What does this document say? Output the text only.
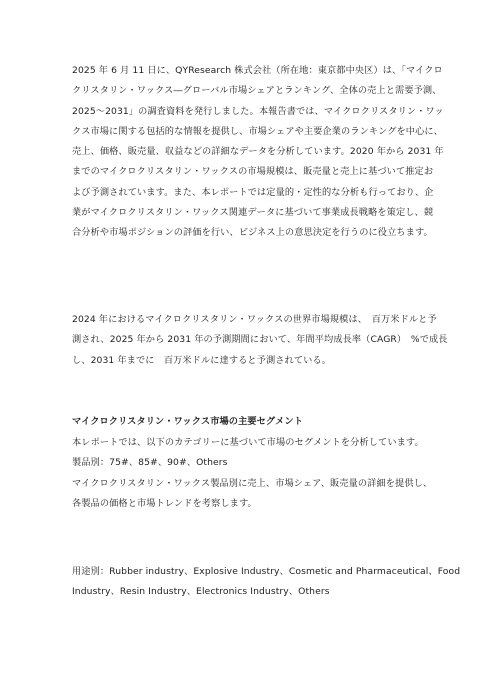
2025 年 6 月 11 日に、QYResearch 株式会社（所在地：東京都中央区）は、「マイクロ
クリスタリン・ワックス―グローバル市場シェアとランキング、全体の売上と需要予測、
2025～2031」の調査資料を発行しました。本報告書では、マイクロクリスタリン・ワッ
クス市場に関する包括的な情報を提供し、市場シェアや主要企業のランキングを中心に、
売上、価格、販売量、収益などの詳細なデータを分析しています。2020 年から 2031 年
までのマイクロクリスタリン・ワックスの市場規模は、販売量と売上に基づいて推定お
よび予測されています。また、本レポートでは定量的・定性的な分析も行っており、企
業がマイクロクリスタリン・ワックス関連データに基づいて事業成長戦略を策定し、競
合分析や市場ポジションの評価を行い、ビジネス上の意思決定を行うのに役立ちます。
2024 年におけるマイクロクリスタリン・ワックスの世界市場規模は、　百万米ドルと予
測され、2025 年から 2031 年の予測期間において、年間平均成長率（CAGR）　%で成長
し、2031 年までに　百万米ドルに達すると予測されている。
マイクロクリスタリン・ワックス市場の主要セグメント
本レポートでは、以下のカテゴリーに基づいて市場のセグメントを分析しています。
製品別：75#、85#、90#、Others
マイクロクリスタリン・ワックス製品別に売上、市場シェア、販売量の詳細を提供し、
各製品の価格と市場トレンドを考察します。
用途別：Rubber industry、Explosive Industry、Cosmetic and Pharmaceutical、Food
Industry、Resin Industry、Electronics Industry、Others
